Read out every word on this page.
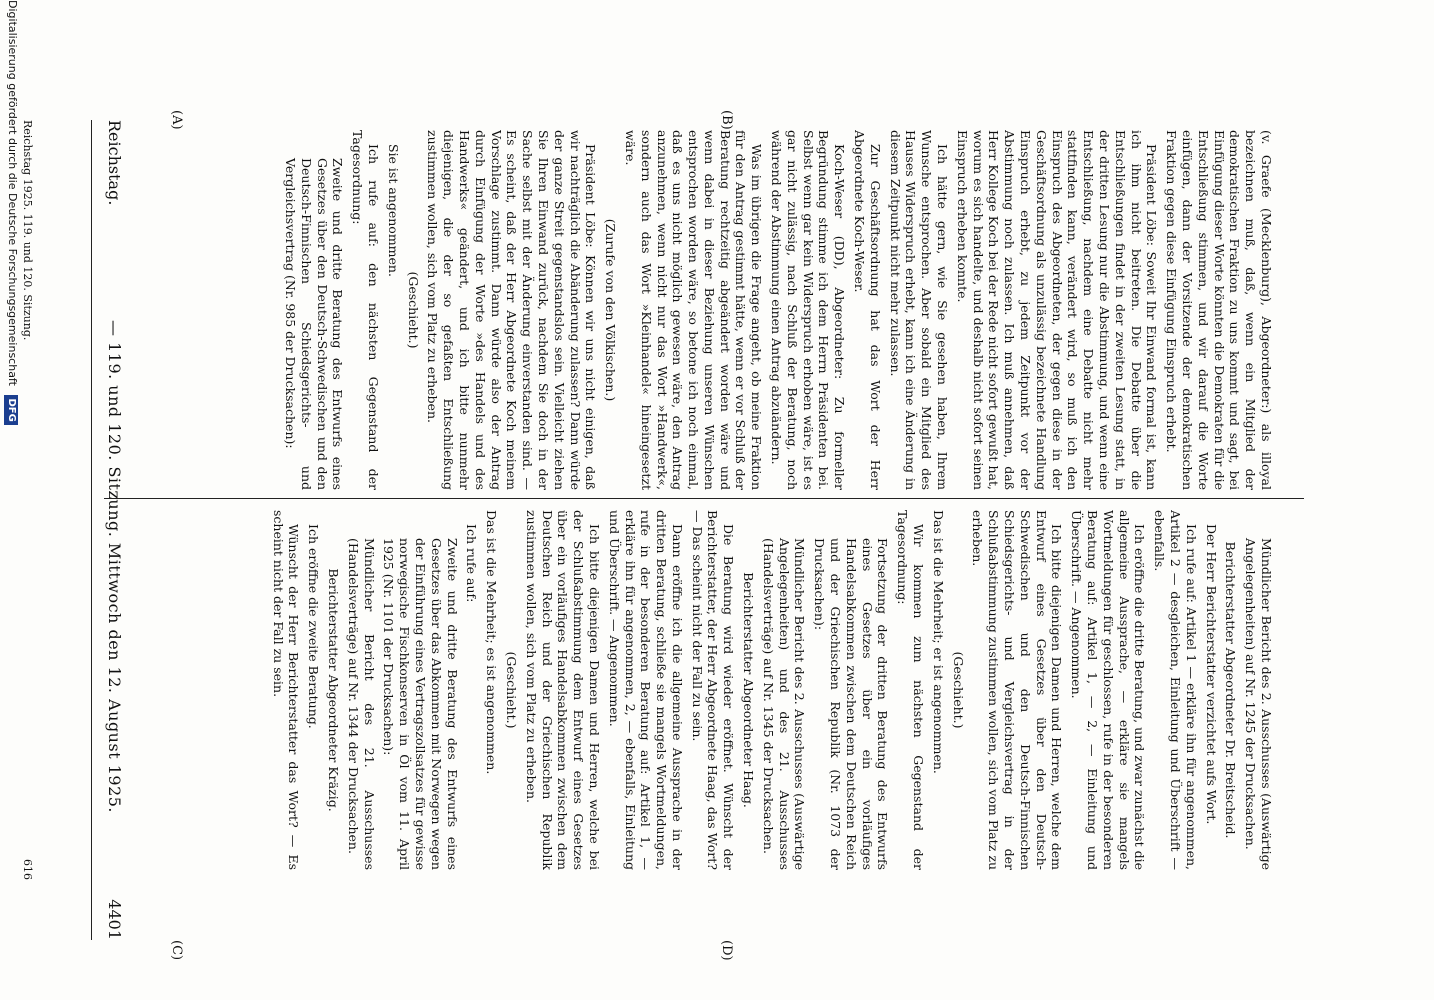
Reichstag.
— 119. und 120. Sitzung. Mittwoch den 12. August 1925.
4401
(A)	(B)
(C)	(D)

(v. Graefe (Mecklenburg), Abgeordneter:) als illoyal bezeichnen muß, daß, wenn ein Mitglied der demokratischen Fraktion zu uns kommt und sagt, bei Einfügung dieser Worte könnten die Demokraten für die Entschließung stimmen, und wir darauf die Worte einfügen, dann der Vorsitzende der demokratischen Fraktion gegen diese Einfügung Einspruch erhebt.

Präsident Löbe: Soweit Ihr Einwand formal ist, kann ich ihm nicht beitreten. Die Debatte über die Entschließungen findet in der zweiten Lesung statt, in der dritten Lesung nur die Abstimmung, und wenn eine Entschließung, nachdem eine Debatte nicht mehr stattfinden kann, verändert wird, so muß ich den Einspruch des Abgeordneten, der gegen diese in der Geschäftsordnung als unzulässig bezeichnete Handlung Einspruch erhebt, zu jedem Zeitpunkt vor der Abstimmung noch zulassen. Ich muß annehmen, daß Herr Kollege Koch bei der Rede nicht sofort gewußt hat, worum es sich handelte, und deshalb nicht sofort seinen Einspruch erheben konnte.

Ich hätte gern, wie Sie gesehen haben, Ihrem Wunsche entsprochen. Aber sobald ein Mitglied des Hauses Widerspruch erhebt, kann ich eine Änderung in diesem Zeitpunkt nicht mehr zulassen.

Zur Geschäftsordnung hat das Wort der Herr Abgeordnete Koch-Weser.

Koch-Weser (DD), Abgeordneter: Zu formeller Begründung stimme ich dem Herrn Präsidenten bei. Selbst wenn gar kein Widerspruch erhoben wäre, ist es gar nicht zulässig, nach Schluß der Beratung, noch während der Abstimmung einen Antrag abzuändern.

Was im übrigen die Frage angeht, ob meine Fraktion für den Antrag gestimmt hätte, wenn er vor Schluß der Beratung rechtzeitig abgeändert worden wäre und wenn dabei in dieser Beziehung unseren Wünschen entsprochen worden wäre, so betone ich noch einmal, daß es uns nicht möglich gewesen wäre, den Antrag anzunehmen, wenn nicht nur das Wort »Handwerk«, sondern auch das Wort »Kleinhandel« hineingesetzt wäre.

(Zurufe von den Völkischen.)

Präsident Löbe: Können wir uns nicht einigen, daß wir nachträglich die Abänderung zulassen? Dann würde der ganze Streit gegenstandslos sein. Vielleicht ziehen Sie Ihren Einwand zurück, nachdem Sie doch in der Sache selbst mit der Änderung einverstanden sind. — Es scheint, daß der Herr Abgeordnete Koch meinem Vorschlage zustimmt. Dann würde also der Antrag durch Einfügung der Worte »des Handels und des Handwerks« geändert, und ich bitte nunmehr diejenigen, die der so gefaßten Entschließung zustimmen wollen, sich vom Platz zu erheben.

(Geschieht.)

Sie ist angenommen.

Ich rufe auf: den nächsten Gegenstand der Tagesordnung:

Zweite und dritte Beratung des Entwurfs eines Gesetzes über den Deutsch-Schwedischen und den Deutsch-Finnischen Schiedsgerichts- und Vergleichsvertrag (Nr. 985 der Drucksachen):

Mündlicher Bericht des 2. Ausschusses (Auswärtige Angelegenheiten) auf Nr. 1245 der Drucksachen.

Berichterstatter Abgeordneter Dr. Breitscheid.

Der Herr Berichterstatter verzichtet aufs Wort.

Ich rufe auf: Artikel 1 — erkläre ihn für angenommen, Artikel 2 — desgleichen, Einleitung und Überschrift — ebenfalls.

Ich eröffne die dritte Beratung, und zwar zunächst die allgemeine Aussprache, — erkläre sie mangels Wortmeldungen für geschlossen, rufe in der besonderen Beratung auf: Artikel 1, — 2, — Einleitung und Überschrift. — Angenommen.

Ich bitte diejenigen Damen und Herren, welche dem Entwurf eines Gesetzes über den Deutsch-Schwedischen und den Deutsch-Finnischen Schiedsgerichts- und Vergleichsvertrag in der Schlußabstimmung zustimmen wollen, sich vom Platz zu erheben.

(Geschieht.)

Das ist die Mehrheit; er ist angenommen.

Wir kommen zum nächsten Gegenstand der Tagesordnung:

Fortsetzung der dritten Beratung des Entwurfs eines Gesetzes über ein vorläufiges Handelsabkommen zwischen dem Deutschen Reich und der Griechischen Republik (Nr. 1073 der Drucksachen):

Mündlicher Bericht des 2. Ausschusses (Auswärtige Angelegenheiten) und des 21. Ausschusses (Handelsverträge) auf Nr. 1345 der Drucksachen.

Berichterstatter Abgeordneter Haag.

Die Beratung wird wieder eröffnet. Wünscht der Berichterstatter, der Herr Abgeordnete Haag, das Wort? — Das scheint nicht der Fall zu sein.

Dann eröffne ich die allgemeine Aussprache in der dritten Beratung, schließe sie mangels Wortmeldungen, rufe in der besonderen Beratung auf: Artikel 1, — erkläre ihn für angenommen, 2, — ebenfalls, Einleitung und Überschrift. — Angenommen.

Ich bitte diejenigen Damen und Herren, welche bei der Schlußabstimmung dem Entwurf eines Gesetzes über ein vorläufiges Handelsabkommen zwischen dem Deutschen Reich und der Griechischen Republik zustimmen wollen, sich vom Platz zu erheben.

(Geschieht.)

Das ist die Mehrheit; es ist angenommen.

Ich rufe auf:

Zweite und dritte Beratung des Entwurfs eines Gesetzes über das Abkommen mit Norwegen wegen der Einführung eines Vertragszollsatzes für gewisse norwegische Fischkonserven in Öl vom 11. April 1925 (Nr. 1101 der Drucksachen):

Mündlicher Bericht des 21. Ausschusses (Handelsverträge) auf Nr. 1344 der Drucksachen.

Berichterstatter Abgeordneter Kräzig.

Ich eröffne die zweite Beratung.

Wünscht der Herr Berichterstatter das Wort? — Es scheint nicht der Fall zu sein.

Reichstag 1925. 119. und 120. Sitzung.
616
Digitalisierung gefördert durch die Deutsche Forschungsgemeinschaft DFG
